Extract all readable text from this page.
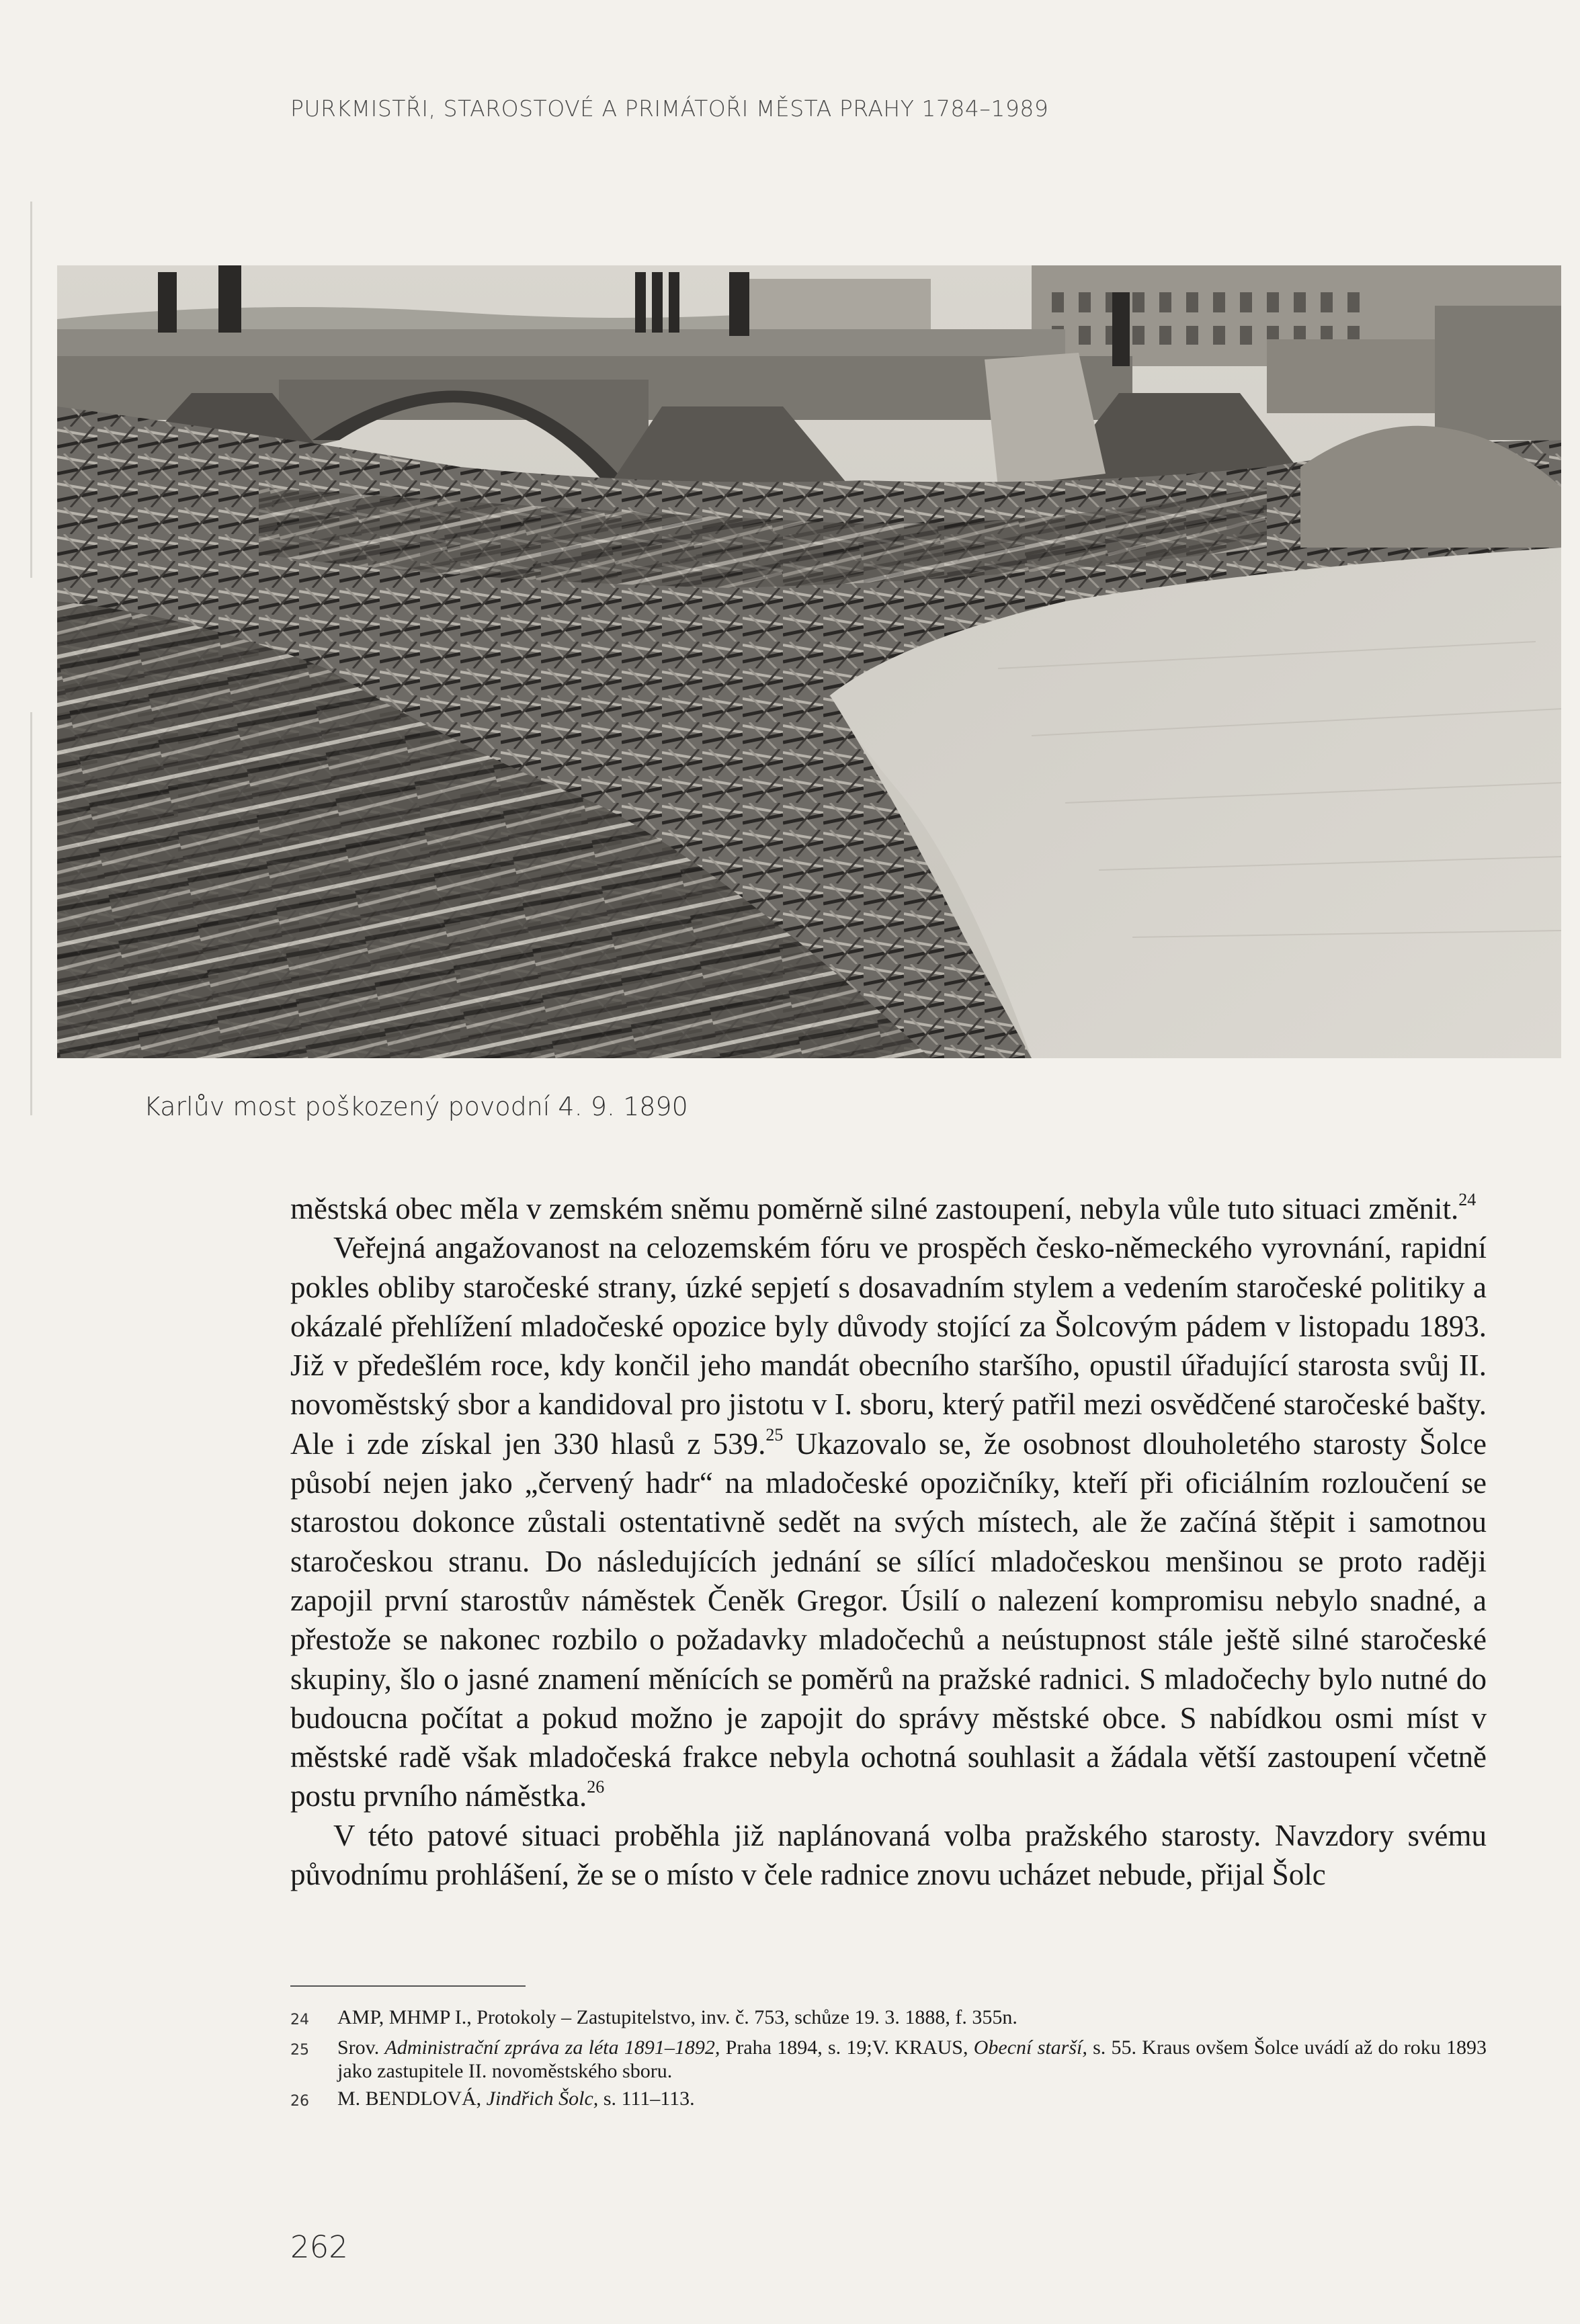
PURKMISTŘI, STAROSTOVÉ A PRIMÁTOŘI MĚSTA PRAHY 1784–1989
Karlův most poškozený povodní 4. 9. 1890

městská obec měla v zemském sněmu poměrně silné zastoupení, nebyla vůle tuto situaci změnit.$^{24}$

Veřejná angažovanost na celozemském fóru ve prospěch česko-německého vyrovnání, rapidní pokles obliby staročeské strany, úzké sepjetí s dosavadním stylem a vedením staročeské politiky a okázalé přehlížení mladočeské opozice byly důvody stojící za Šolcovým pádem v listopadu 1893. Již v předešlém roce, kdy končil jeho mandát obecního staršího, opustil úřadující starosta svůj II. novoměstský sbor a kandidoval pro jistotu v I. sboru, který patřil mezi osvědčené staročeské bašty. Ale i zde získal jen 330 hlasů z 539.25 Ukazovalo se, že osobnost dlouholetého starosty Šolce působí nejen jako „červený hadr“ na mladočeské opozičníky, kteří při oficiálním rozloučení se starostou dokonce zůstali ostentativně sedět na svých místech, ale že začíná štěpit i samotnou staročeskou stranu. Do následujících jednání se sílící mladočeskou menšinou se proto raději zapojil první starostův náměstek Čeněk Gregor. Úsilí o nalezení kompromisu nebylo snadné, a přestože se nakonec rozbilo o požadavky mladočechů a neústupnost stále ještě silné staročeské skupiny, šlo o jasné znamení měnících se poměrů na pražské radnici. S mladočechy bylo nutné do budoucna počítat a pokud možno je zapojit do správy městské obce. S nabídkou osmi míst v městské radě však mladočeská frakce nebyla ochotná souhlasit a žádala větší zastoupení včetně postu prvního náměstka.$^{26}$

V této patové situaci proběhla již naplánovaná volba pražského starosty. Navzdory svému původnímu prohlášení, že se o místo v čele radnice znovu ucházet nebude, přijal Šolc

24	AMP, MHMP I., Protokoly – Zastupitelstvo, inv. č. 753, schůze 19. 3. 1888, f. 355n.
25	Srov. Administrační zpráva za léta 1891–1892, Praha 1894, s. 19;V. KRAUS, Obecní starší, s. 55. Kraus ovšem Šolce uvádí až do roku 1893 jako zastupitele II. novoměstského sboru.
26	M. BENDLOVÁ, Jindřich Šolc, s. 111–113.
262
